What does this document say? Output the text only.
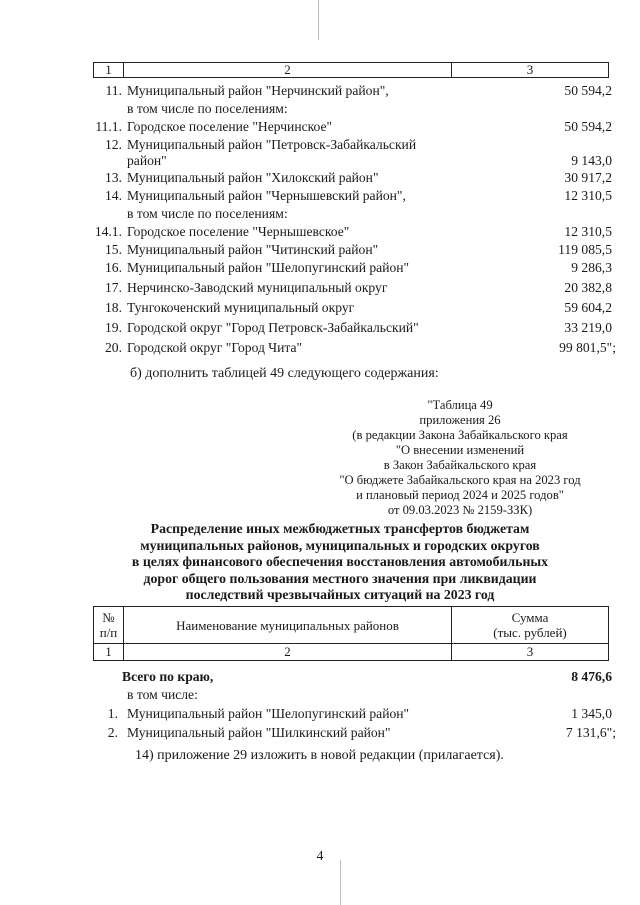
1	2	3
11. Муниципальный район "Нерчинский район",	50 594,2
в том числе по поселениям:
11.1. Городское поселение "Нерчинское"	50 594,2
12. Муниципальный район "Петровск-Забайкальский
район"	9 143,0
13. Муниципальный район "Хилокский район"	30 917,2
14. Муниципальный район "Чернышевский район",	12 310,5
в том числе по поселениям:
14.1. Городское поселение "Чернышевское"	12 310,5
15. Муниципальный район "Читинский район"	119 085,5
16. Муниципальный район "Шелопугинский район"	9 286,3
17. Нерчинско-Заводский муниципальный округ	20 382,8
18. Тунгокоченский муниципальный округ	59 604,2
19. Городской округ "Город Петровск-Забайкальский"	33 219,0
20. Городской округ "Город Чита"	99 801,5";
б) дополнить таблицей 49 следующего содержания:
"Таблица 49
приложения 26
(в редакции Закона Забайкальского края
"О внесении изменений
в Закон Забайкальского края
"О бюджете Забайкальского края на 2023 год
и плановый период 2024 и 2025 годов"
от 09.03.2023 № 2159-ЗЗК)
Распределение иных межбюджетных трансфертов бюджетам
муниципальных районов, муниципальных и городских округов
в целях финансового обеспечения восстановления автомобильных
дорог общего пользования местного значения при ликвидации
последствий чрезвычайных ситуаций на 2023 год
№
п/п	Наименование муниципальных районов	Сумма
(тыс. рублей)
1	2	3
Всего по краю,	8 476,6
в том числе:
1. Муниципальный район "Шелопугинский район"	1 345,0
2. Муниципальный район "Шилкинский район"	7 131,6";
14) приложение 29 изложить в новой редакции (прилагается).
4
